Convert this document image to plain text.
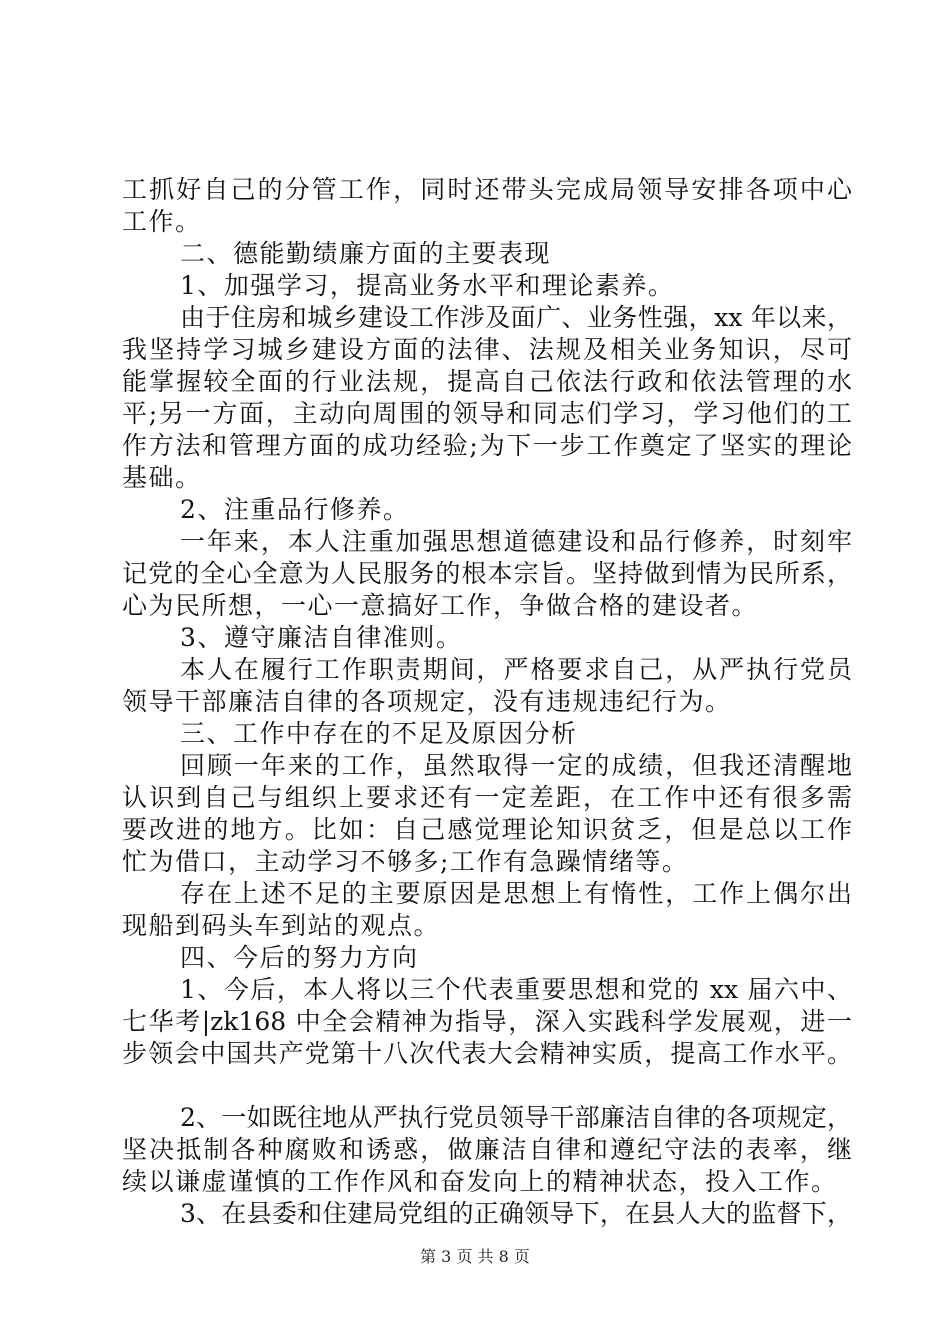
工抓好自己的分管工作，同时还带头完成局领导安排各项中心
工作。
二、德能勤绩廉方面的主要表现
1、加强学习，提高业务水平和理论素养。
由于住房和城乡建设工作涉及面广、业务性强，xx 年以来，
我坚持学习城乡建设方面的法律、法规及相关业务知识，尽可
能掌握较全面的行业法规，提高自己依法行政和依法管理的水
平;另一方面，主动向周围的领导和同志们学习，学习他们的工
作方法和管理方面的成功经验;为下一步工作奠定了坚实的理论
基础。
2、注重品行修养。
一年来，本人注重加强思想道德建设和品行修养，时刻牢
记党的全心全意为人民服务的根本宗旨。坚持做到情为民所系，
心为民所想，一心一意搞好工作，争做合格的建设者。
3、遵守廉洁自律准则。
本人在履行工作职责期间，严格要求自己，从严执行党员
领导干部廉洁自律的各项规定，没有违规违纪行为。
三、工作中存在的不足及原因分析
回顾一年来的工作，虽然取得一定的成绩，但我还清醒地
认识到自己与组织上要求还有一定差距，在工作中还有很多需
要改进的地方。比如：自己感觉理论知识贫乏，但是总以工作
忙为借口，主动学习不够多;工作有急躁情绪等。
存在上述不足的主要原因是思想上有惰性，工作上偶尔出
现船到码头车到站的观点。
四、今后的努力方向
1、今后，本人将以三个代表重要思想和党的 xx 届六中、
七华考|zk168 中全会精神为指导，深入实践科学发展观，进一
步领会中国共产党第十八次代表大会精神实质，提高工作水平。
2、一如既往地从严执行党员领导干部廉洁自律的各项规定，
坚决抵制各种腐败和诱惑，做廉洁自律和遵纪守法的表率，继
续以谦虚谨慎的工作作风和奋发向上的精神状态，投入工作。
3、在县委和住建局党组的正确领导下，在县人大的监督下，
第 3 页 共 8 页
